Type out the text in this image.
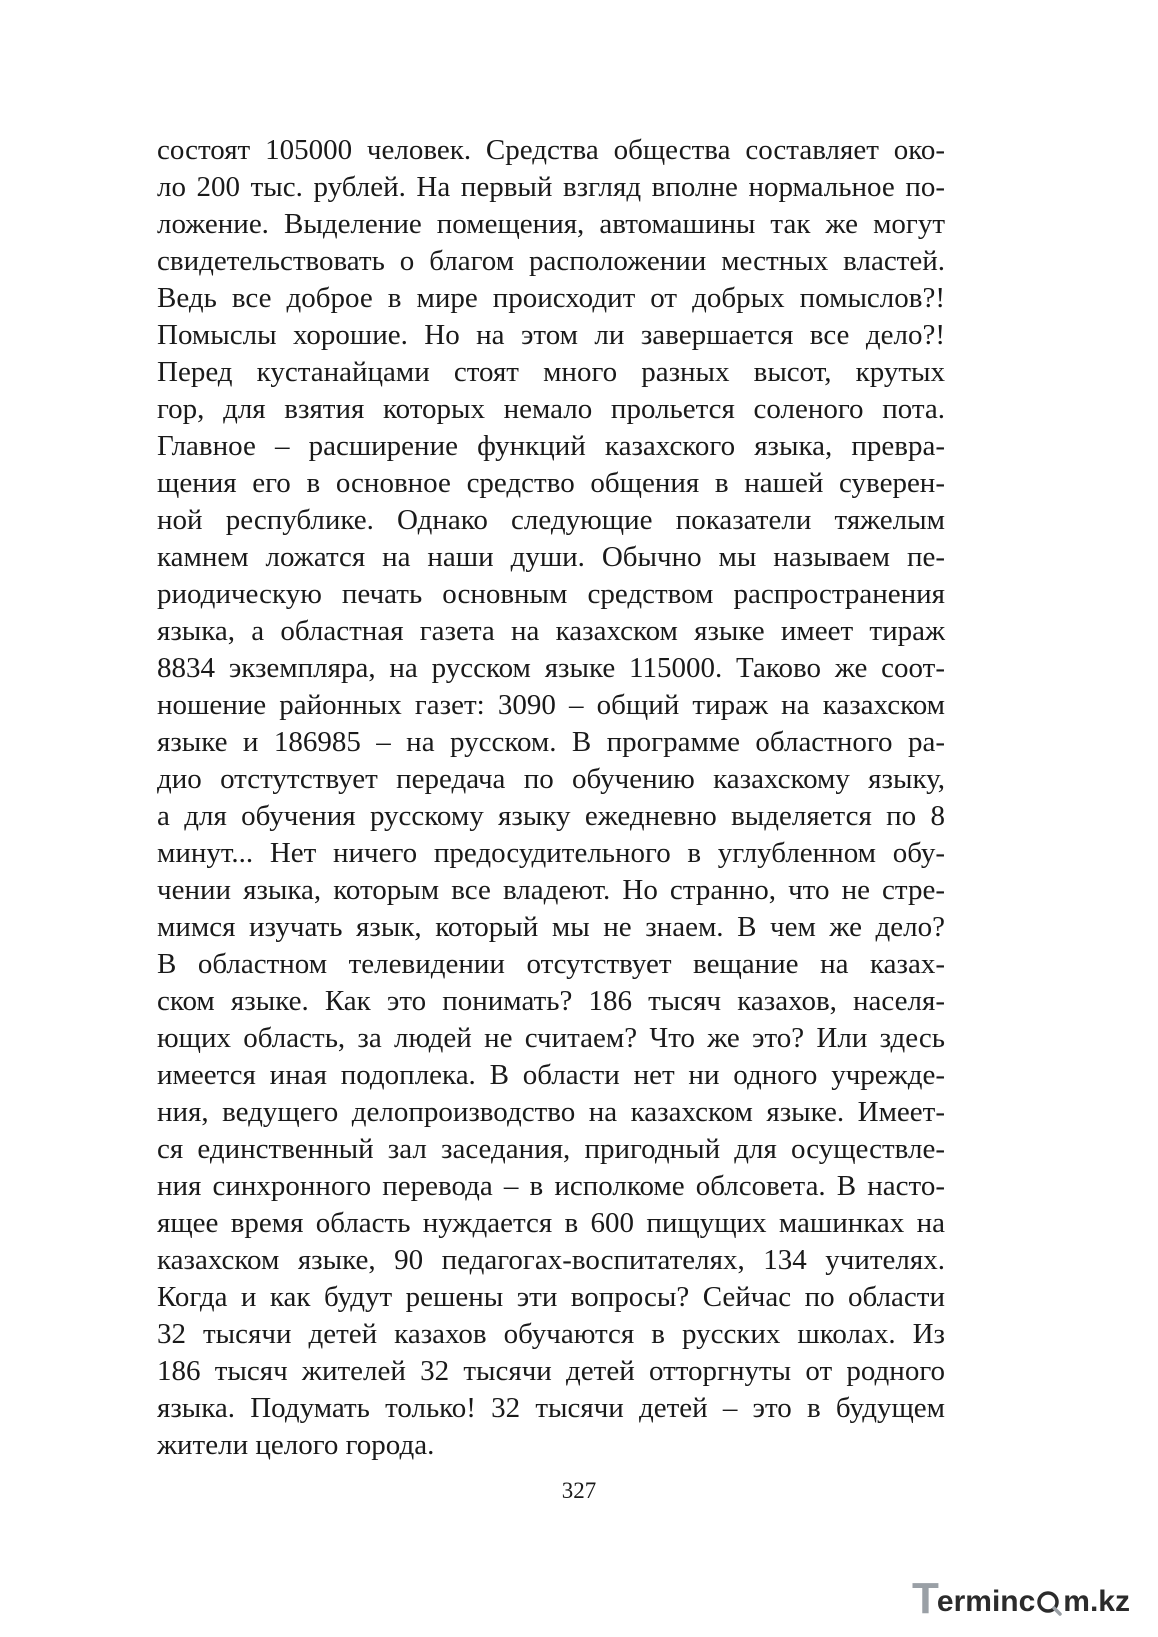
состоят 105000 человек. Средства общества составляет око-
ло 200 тыс. рублей. На первый взгляд вполне нормальное по-
ложение. Выделение помещения, автомашины так же могут
свидетельствовать о благом расположении местных властей.
Ведь все доброе в мире происходит от добрых помыслов?!
Помыслы хорошие. Но на этом ли завершается все дело?!
Перед кустанайцами стоят много разных высот, крутых
гор, для взятия которых немало прольется соленого пота.
Главное – расширение функций казахского языка, превра-
щения его в основное средство общения в нашей суверен-
ной республике. Однако следующие показатели тяжелым
камнем ложатся на наши души. Обычно мы называем пе-
риодическую печать основным средством распространения
языка, а областная газета на казахском языке имеет тираж
8834 экземпляра, на русском языке 115000. Таково же соот-
ношение районных газет: 3090 – общий тираж на казахском
языке и 186985 – на русском. В программе областного ра-
дио отстутствует передача по обучению казахскому языку,
а для обучения русскому языку ежедневно выделяется по 8
минут... Нет ничего предосудительного в углубленном обу-
чении языка, которым все владеют. Но странно, что не стре-
мимся изучать язык, который мы не знаем. В чем же дело?
В областном телевидении отсутствует вещание на казах-
ском языке. Как это понимать? 186 тысяч казахов, населя-
ющих область, за людей не считаем? Что же это? Или здесь
имеется иная подоплека. В области нет ни одного учрежде-
ния, ведущего делопроизводство на казахском языке. Имеет-
ся единственный зал заседания, пригодный для осуществле-
ния синхронного перевода – в исполкоме облсовета. В насто-
ящее время область нуждается в 600 пищущих машинках на
казахском языке, 90 педагогах-воспитателях, 134 учителях.
Когда и как будут решены эти вопросы? Сейчас по области
32 тысячи детей казахов обучаются в русских школах. Из
186 тысяч жителей 32 тысячи детей отторгнуты от родного
языка. Подумать только! 32 тысячи детей – это в будущем
жители целого города.
327
T
erminc m.kz
